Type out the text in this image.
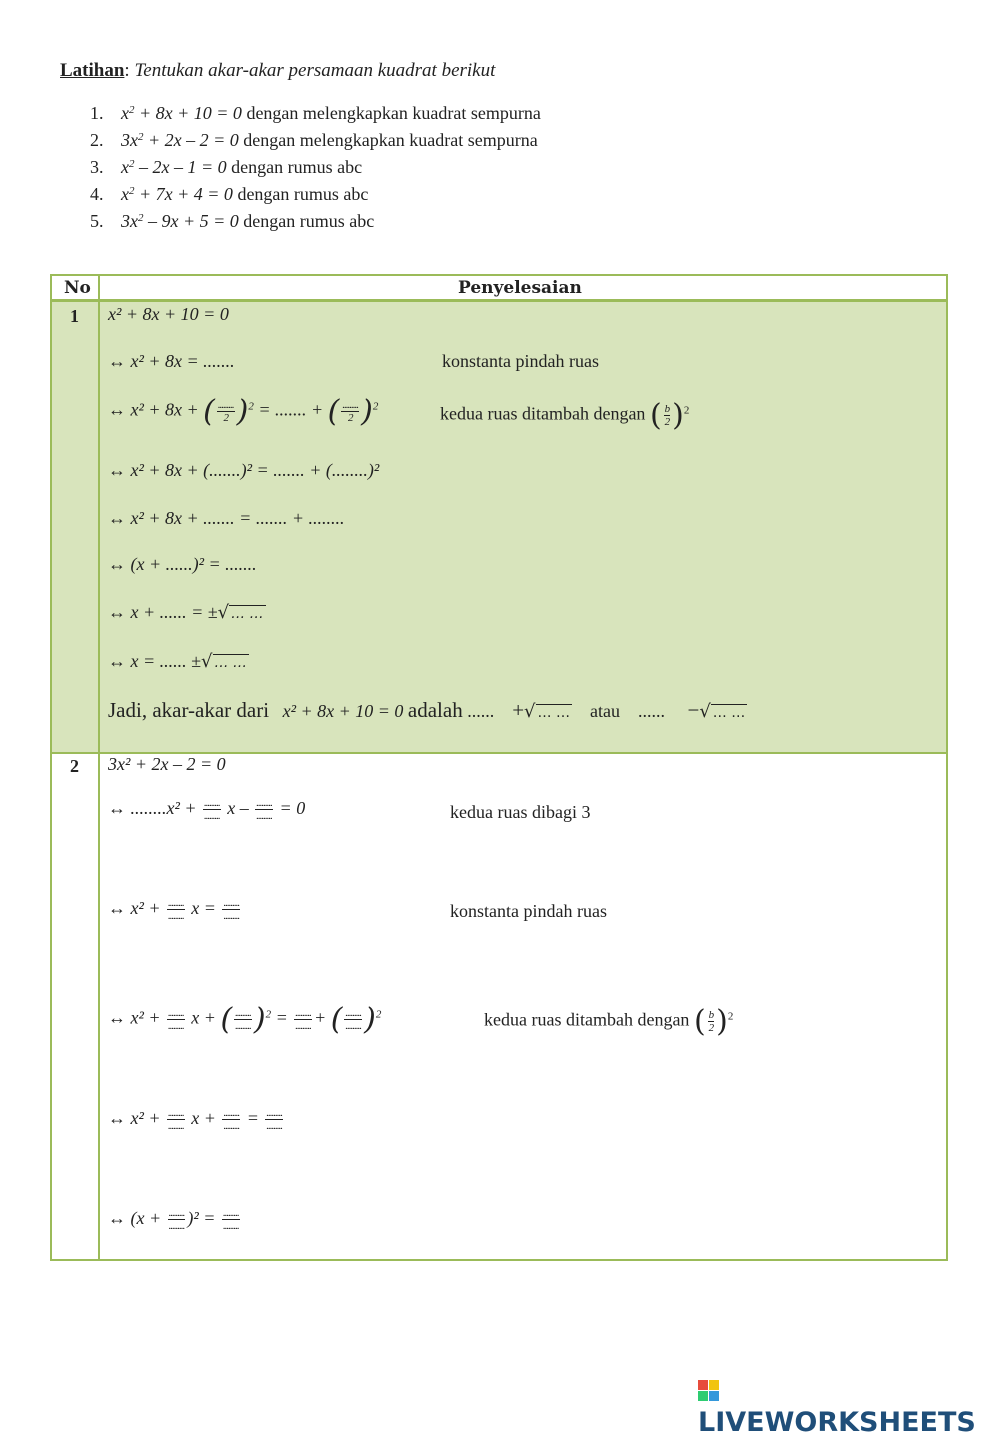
Latihan: Tentukan akar-akar persamaan kuadrat berikut
1. $x^2 + 8x + 10 = 0$ dengan melengkapkan kuadrat sempurna
2. $3x^2 + 2x - 2 = 0$ dengan melengkapkan kuadrat sempurna
3. $x^2 - 2x - 1 = 0$ dengan rumus abc
4. $x^2 + 7x + 4 = 0$ dengan rumus abc
5. $3x^2 - 9x + 5 = 0$ dengan rumus abc
No	Penyelesaian
1 x² + 8x + 10 = 0
↔ x² + 8x = .......	konstanta pindah ruas
↔ x² + 8x + ( $\frac{.........}{2} )^2$ = ....... + ( $\frac{.........}{2} )^2$	kedua ruas ditambah dengan ( $\frac{b}{2} )^2$
↔ x² + 8x + (.......)² = ....... + (........)²
↔ x² + 8x + ....... = ....... + ........
↔ (x + ......)² = .......
↔ x + ...... = ±√ … …
↔ x = ...... ±√ … …
Jadi, akar-akar dari x² + 8x + 10 = 0 adalah ...... +√ … … atau ...... −√ … …
2 3x² + 2x – 2 = 0
↔ $........x^2 + \frac{.........}{.........}$ $x - \frac{.........}{.........} = 0$	kedua ruas dibagi 3
↔ $x^2 + \frac{.........}{.........}$ $x = \frac{.........}{.........}$	konstanta pindah ruas
↔ $x^2 + \frac{.........}{.........}$ x + ( $\frac{.........}{.........} )^2 = \frac{.........}{.........}$ + ( $\frac{.........}{.........} )^2$	kedua ruas ditambah dengan ( $\frac{b}{2} )^2$
↔ $x^2 + \frac{.........}{.........}$ $x + \frac{.........}{.........} = \frac{.........}{.........}$
↔ $(x + \frac{.........}{.........} )^2 = \frac{.........}{.........}$
LIVEWORKSHEETS
